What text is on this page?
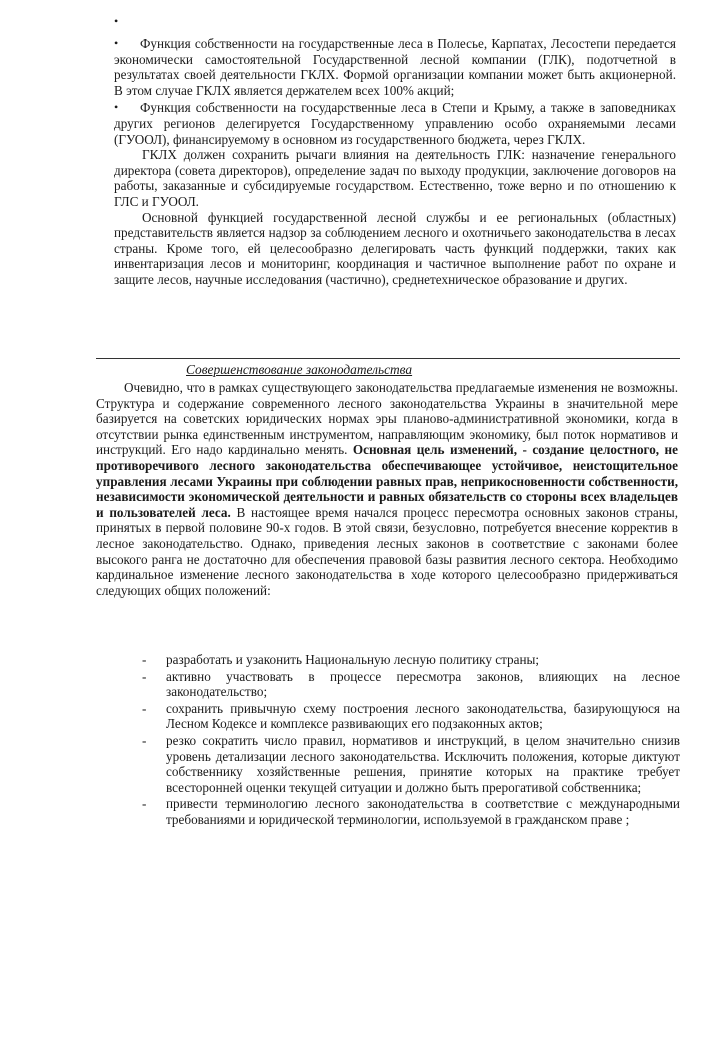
•
•	Функция собственности на государственные леса в Полесье, Карпатах, Лесостепи передается экономически самостоятельной Государственной лесной компании (ГЛК), подотчетной в результатах своей деятельности ГКЛХ. Формой организации компании может быть акционерной. В этом случае ГКЛХ является держателем всех 100% акций;
•	Функция собственности на государственные леса в Степи и Крыму, а также в заповедниках других регионов делегируется Государственному управлению особо охраняемыми лесами (ГУООЛ), финансируемому в основном из государственного бюджета, через ГКЛХ.

ГКЛХ должен сохранить рычаги влияния на деятельность ГЛК: назначение генерального директора (совета директоров), определение задач по выходу продукции, заключение договоров на работы, заказанные и субсидируемые государством. Естественно, тоже верно и по отношению к ГЛС и ГУООЛ.

Основной функцией государственной лесной службы и ее региональных (областных) представительств является надзор за соблюдением лесного и охотничьего законодательства в лесах страны. Кроме того, ей целесообразно делегировать часть функций поддержки, таких как инвентаризация лесов и мониторинг, координация и частичное выполнение работ по охране и защите лесов, научные исследования (частично), среднетехническое образование и других.

Совершенствование законодательства

Очевидно, что в рамках существующего законодательства предлагаемые изменения не возможны. Структура и содержание современного лесного законодательства Украины в значительной мере базируется на советских юридических нормах эры планово-административной экономики, когда в отсутствии рынка единственным инструментом, направляющим экономику, был поток нормативов и инструкций. Его надо кардинально менять. Основная цель изменений, - создание целостного, не противоречивого лесного законодательства обеспечивающее устойчивое, неистощительное управления лесами Украины при соблюдении равных прав, неприкосновенности собственности, независимости экономической деятельности и равных обязательств со стороны всех владельцев и пользователей леса. В настоящее время начался процесс пересмотра основных законов страны, принятых в первой половине 90-х годов. В этой связи, безусловно, потребуется внесение корректив в лесное законодательство. Однако, приведения лесных законов в соответствие с законами более высокого ранга не достаточно для обеспечения правовой базы развития лесного сектора. Необходимо кардинальное изменение лесного законодательства в ходе которого целесообразно придерживаться следующих общих положений:

- разработать и узаконить Национальную лесную политику страны;
- активно участвовать в процессе пересмотра законов, влияющих на лесное законодательство;
- сохранить привычную схему построения лесного законодательства, базирующуюся на Лесном Кодексе и комплексе развивающих его подзаконных актов;
- резко сократить число правил, нормативов и инструкций, в целом значительно снизив уровень детализации лесного законодательства. Исключить положения, которые диктуют собственнику хозяйственные решения, принятие которых на практике требует всесторонней оценки текущей ситуации и должно быть прерогативой собственника;
- привести терминологию лесного законодательства в соответствие с международными требованиями и юридической терминологии, используемой в гражданском праве ;
